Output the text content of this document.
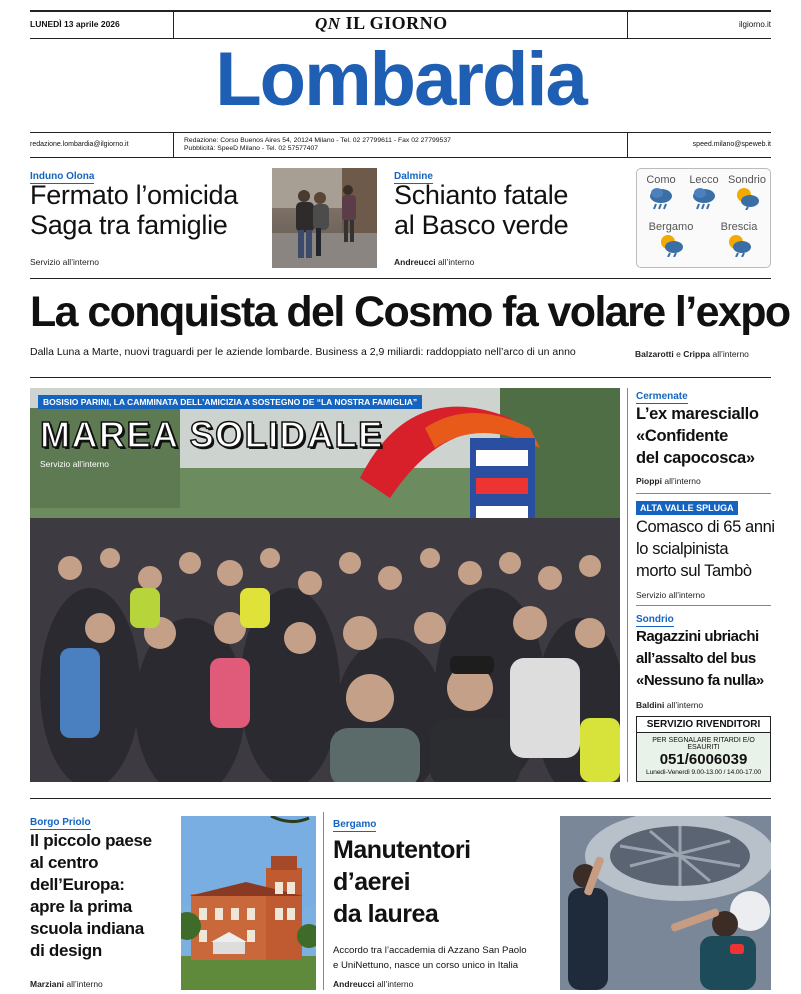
LUNEDÌ 13 aprile 2026	QN IL GIORNO	ilgiorno.it
Lombardia
redazione.lombardia@ilgiorno.it
Redazione: Corso Buenos Aires 54, 20124 Milano - Tel. 02 27799611 - Fax 02 27799537
Pubblicità: SpeeD Milano - Tel. 02 57577407
speed.milano@speweb.it
Induno Olona
Fermato l’omicida
Saga tra famiglie
Servizio all’interno
Dalmine
Schianto fatale
al Basco verde
Andreucci all’interno
Como	Lecco Sondrio
Bergamo	Brescia
La conquista del Cosmo fa volare l’expo
Dalla Luna a Marte, nuovi traguardi per le aziende lombarde. Business a 2,9 miliardi: raddoppiato nell’arco di un anno	Balzarotti e Crippa all’interno
BOSISIO PARINI, LA CAMMINATA DELL’AMICIZIA A SOSTEGNO DE “LA NOSTRA FAMIGLIA”
MAREA SOLIDALE
Servizio all’interno
Cermenate
L’ex maresciallo
«Confidente
del capocosca»
Pioppi all’interno
ALTA VALLE SPLUGA
Comasco di 65 anni
lo scialpinista
morto sul Tambò
Servizio all’interno
Sondrio
Ragazzini ubriachi
all’assalto del bus
«Nessuno fa nulla»
Baldini all’interno
SERVIZIO RIVENDITORI
PER SEGNALARE RITARDI E/O ESAURITI
051/6006039
Lunedì-Venerdì 9.00-13.00 / 14.00-17.00
Borgo Priolo
Il piccolo paese
al centro
dell’Europa:
apre la prima
scuola indiana
di design
Marziani all’interno
Bergamo
Manutentori
d’aerei
da laurea
Accordo tra l’accademia di Azzano San Paolo
e UniNettuno, nasce un corso unico in Italia
Andreucci all’interno
